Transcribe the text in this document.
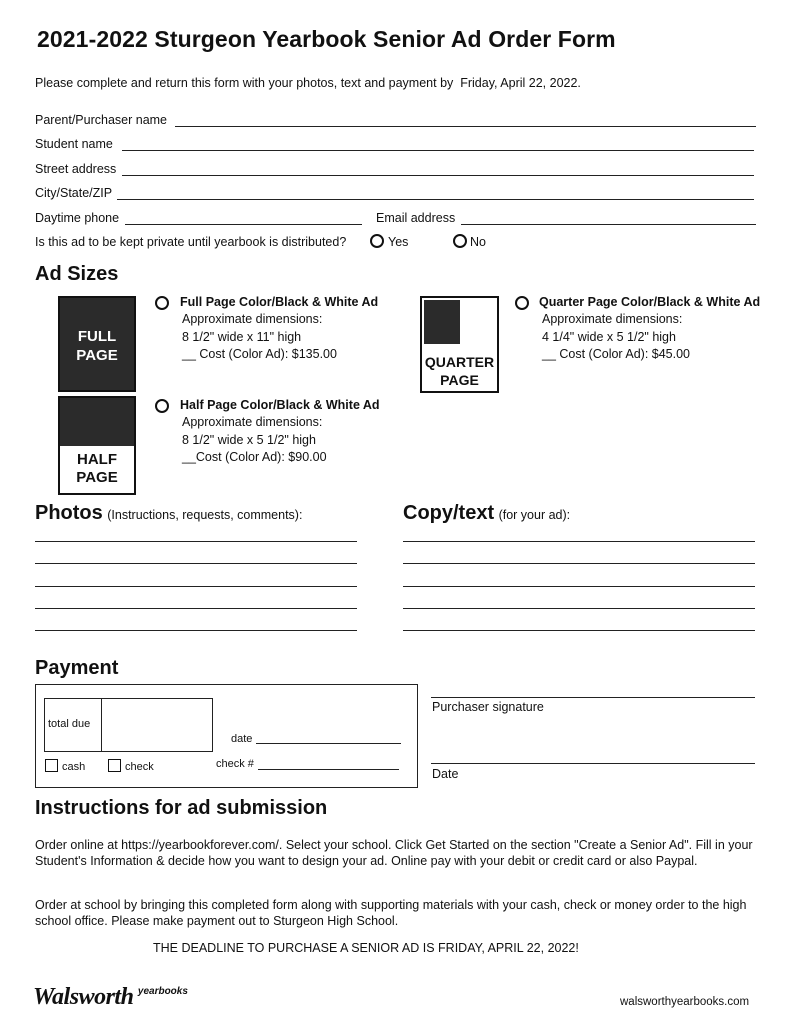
2021-2022 Sturgeon Yearbook Senior Ad Order Form
Please complete and return this form with your photos, text and payment by Friday, April 22, 2022.
Parent/Purchaser name
Student name
Street address
City/State/ZIP
Daytime phone	Email address
Is this ad to be kept private until yearbook is distributed?	Yes	No
Ad Sizes
FULL
PAGE
Full Page Color/Black & White Ad
Approximate dimensions:
8 1/2" wide x 11" high
__ Cost (Color Ad): $135.00
HALF
PAGE
Half Page Color/Black & White Ad
Approximate dimensions:
8 1/2" wide x 5 1/2" high
__Cost (Color Ad): $90.00
QUARTER
PAGE
Quarter Page Color/Black & White Ad
Approximate dimensions:
4 1/4" wide x 5 1/2" high
__ Cost (Color Ad): $45.00
Photos (Instructions, requests, comments):	Copy/text (for your ad):
Payment
total due
date
check #
cash	check
Purchaser signature
Date
Instructions for ad submission
Order online at https://yearbookforever.com/. Select your school. Click Get Started on the section "Create a Senior Ad". Fill in your Student's Information & decide how you want to design your ad. Online pay with your debit or credit card or also Paypal.
Order at school by bringing this completed form along with supporting materials with your cash, check or money order to the high school office. Please make payment out to Sturgeon High School.
THE DEADLINE TO PURCHASE A SENIOR AD IS FRIDAY, APRIL 22, 2022!
Walsworth $^{yearbooks}$
walsworthyearbooks.com
